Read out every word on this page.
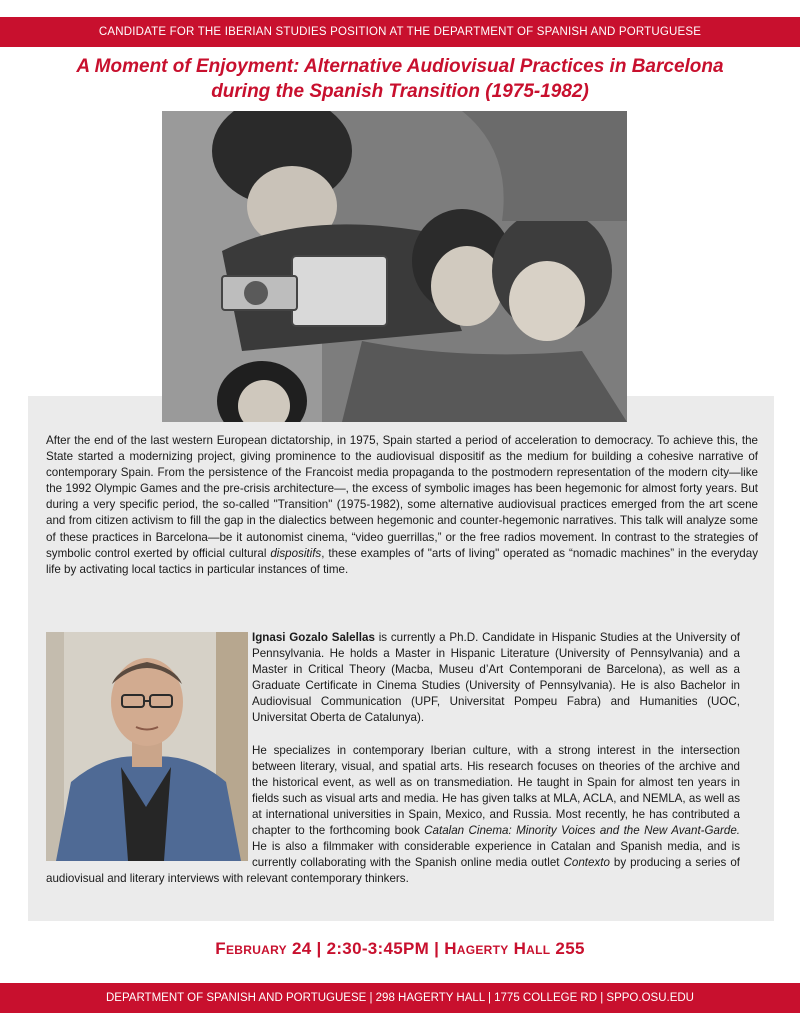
CANDIDATE FOR THE IBERIAN STUDIES POSITION AT THE DEPARTMENT OF SPANISH AND PORTUGUESE
A Moment of Enjoyment: Alternative Audiovisual Practices in Barcelona
during the Spanish Transition (1975-1982)

After the end of the last western European dictatorship, in 1975, Spain started a period of acceleration to democracy. To achieve this, the State started a modernizing project, giving prominence to the audiovisual dispositif as the medium for building a cohesive narrative of contemporary Spain. From the persistence of the Francoist media propaganda to the postmodern representation of the modern city—like the 1992 Olympic Games and the pre-crisis architecture—, the excess of symbolic images has been hegemonic for almost forty years. But during a very specific period, the so-called "Transition" (1975-1982), some alternative audiovisual practices emerged from the art scene and from citizen activism to fill the gap in the dialectics between hegemonic and counter-hegemonic narratives. This talk will analyze some of these practices in Barcelona—be it autonomist cinema, “video guerrillas,” or the free radios movement. In contrast to the strategies of symbolic control exerted by official cultural dispositifs, these examples of "arts of living" operated as “nomadic machines” in the everyday life by activating local tactics in particular instances of time.

Ignasi Gozalo Salellas is currently a Ph.D. Candidate in Hispanic Studies at the University of Pennsylvania. He holds a Master in Hispanic Literature (University of Pennsylvania) and a Master in Critical Theory (Macba, Museu d’Art Contemporani de Barcelona), as well as a Graduate Certificate in Cinema Studies (University of Pennsylvania). He is also Bachelor in Audiovisual Communication (UPF, Universitat Pompeu Fabra) and Humanities (UOC, Universitat Oberta de Catalunya).

He specializes in contemporary Iberian culture, with a strong interest in the intersection between literary, visual, and spatial arts. His research focuses on theories of the archive and the historical event, as well as on transmediation. He taught in Spain for almost ten years in fields such as visual arts and media. He has given talks at MLA, ACLA, and NEMLA, as well as at international universities in Spain, Mexico, and Russia. Most recently, he has contributed a chapter to the forthcoming book Catalan Cinema: Minority Voices and the New Avant-Garde. He is also a filmmaker with considerable experience in Catalan and Spanish media, and is currently collaborating with the Spanish online media outlet Contexto by producing a series of audiovisual and literary interviews with relevant contemporary thinkers.

February 24 | 2:30-3:45PM | Hagerty Hall 255
DEPARTMENT OF SPANISH AND PORTUGUESE | 298 HAGERTY HALL | 1775 COLLEGE RD | SPPO.OSU.EDU
